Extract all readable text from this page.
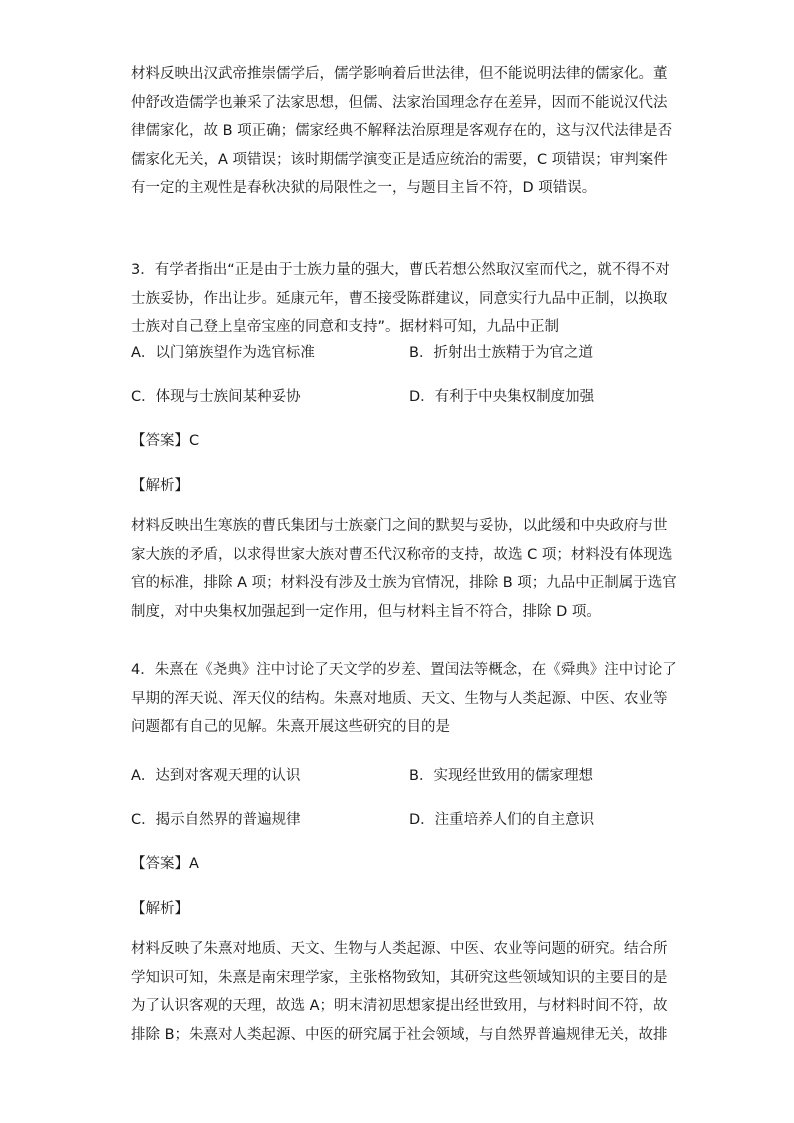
材料反映出汉武帝推崇儒学后，儒学影响着后世法律，但不能说明法律的儒家化。董
仲舒改造儒学也兼采了法家思想，但儒、法家治国理念存在差异，因而不能说汉代法
律儒家化，故 B 项正确；儒家经典不解释法治原理是客观存在的，这与汉代法律是否
儒家化无关，A 项错误；该时期儒学演变正是适应统治的需要，C 项错误；审判案件
有一定的主观性是春秋决狱的局限性之一，与题目主旨不符，D 项错误。

3．有学者指出“正是由于士族力量的强大，曹氏若想公然取汉室而代之，就不得不对
士族妥协，作出让步。延康元年，曹丕接受陈群建议，同意实行九品中正制，以换取
士族对自己登上皇帝宝座的同意和支持”。据材料可知，九品中正制

A．以门第族望作为选官标准	B．折射出士族精于为官之道
C．体现与士族间某种妥协	D．有利于中央集权制度加强
【答案】C
【解析】

材料反映出生寒族的曹氏集团与士族豪门之间的默契与妥协，以此缓和中央政府与世
家大族的矛盾，以求得世家大族对曹丕代汉称帝的支持，故选 C 项；材料没有体现选
官的标准，排除 A 项；材料没有涉及士族为官情况，排除 B 项；九品中正制属于选官
制度，对中央集权加强起到一定作用，但与材料主旨不符合，排除 D 项。

4．朱熹在《尧典》注中讨论了天文学的岁差、置闰法等概念，在《舜典》注中讨论了
早期的浑天说、浑天仪的结构。朱熹对地质、天文、生物与人类起源、中医、农业等
问题都有自己的见解。朱熹开展这些研究的目的是

A．达到对客观天理的认识	B．实现经世致用的儒家理想
C．揭示自然界的普遍规律	D．注重培养人们的自主意识
【答案】A
【解析】

材料反映了朱熹对地质、天文、生物与人类起源、中医、农业等问题的研究。结合所
学知识可知，朱熹是南宋理学家，主张格物致知，其研究这些领域知识的主要目的是
为了认识客观的天理，故选 A；明末清初思想家提出经世致用，与材料时间不符，故
排除 B；朱熹对人类起源、中医的研究属于社会领域，与自然界普遍规律无关，故排
